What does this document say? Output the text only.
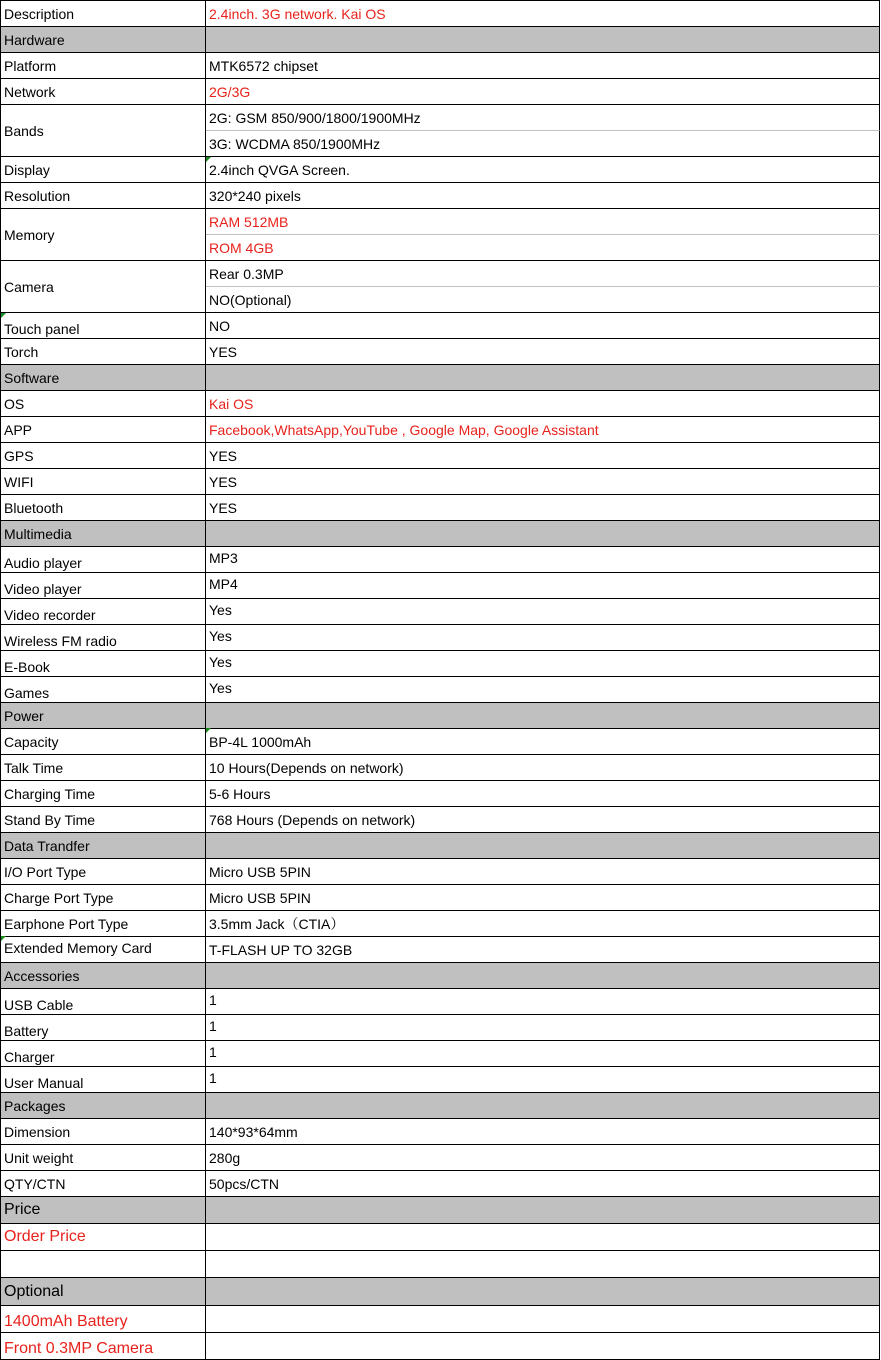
Description	2.4inch. 3G network. Kai OS
Hardware
Platform	MTK6572 chipset
Network	2G/3G
Bands
2G: GSM 850/900/1800/1900MHz
3G: WCDMA 850/1900MHz
Display	2.4inch QVGA Screen.
Resolution	320*240 pixels
Memory
RAM 512MB
ROM 4GB
Camera
Rear 0.3MP
NO(Optional)
Touch panel	NO
Torch	YES
Software
OS	Kai OS
APP	Facebook,WhatsApp,YouTube , Google Map, Google Assistant
GPS	YES
WIFI	YES
Bluetooth	YES
Multimedia
Audio player	MP3
Video player	MP4
Video recorder	Yes
Wireless FM radio	Yes
E-Book	Yes
Games	Yes
Power
Capacity	BP-4L 1000mAh
Talk Time	10 Hours(Depends on network)
Charging Time	5-6 Hours
Stand By Time	768 Hours (Depends on network)
Data Trandfer
I/O Port Type	Micro USB 5PIN
Charge Port Type	Micro USB 5PIN
Earphone Port Type	3.5mm Jack（CTIA）
Extended Memory Card	T-FLASH UP TO 32GB
Accessories
USB Cable	1
Battery	1
Charger	1
User Manual	1
Packages
Dimension	140*93*64mm
Unit weight	280g
QTY/CTN	50pcs/CTN
Price
Order Price
Optional
1400mAh Battery
Front 0.3MP Camera
